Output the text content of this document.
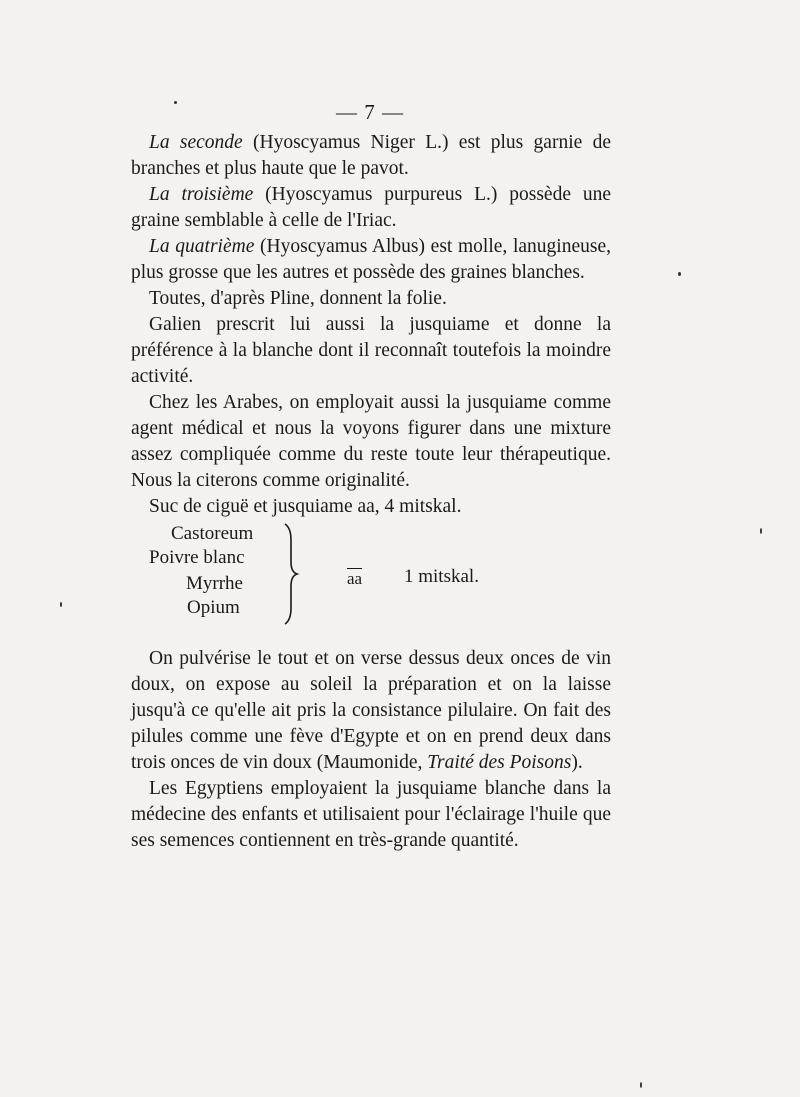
— 7 —

La seconde (Hyoscyamus Niger L.) est plus garnie de branches et plus haute que le pavot.

La troisième (Hyoscyamus purpureus L.) possède une graine semblable à celle de l'Iriac.

La quatrième (Hyoscyamus Albus) est molle, lanugineuse, plus grosse que les autres et possède des graines blanches.

Toutes, d'après Pline, donnent la folie.

Galien prescrit lui aussi la jusquiame et donne la préférence à la blanche dont il reconnaît toutefois la moindre activité.

Chez les Arabes, on employait aussi la jusquiame comme agent médical et nous la voyons figurer dans une mixture assez compliquée comme du reste toute leur thérapeutique. Nous la citerons comme originalité.

Suc de ciguë et jusquiame aa, 4 mitskal.

Castoreum
Poivre blanc
Myrrhe
Opium
$\overline{aa}$ 1 mitskal.

On pulvérise le tout et on verse dessus deux onces de vin doux, on expose au soleil la préparation et on la laisse jusqu'à ce qu'elle ait pris la consistance pilulaire. On fait des pilules comme une fève d'Egypte et on en prend deux dans trois onces de vin doux (Maumonide, Traité des Poisons).

Les Egyptiens employaient la jusquiame blanche dans la médecine des enfants et utilisaient pour l'éclairage l'huile que ses semences contiennent en très-grande quantité.
